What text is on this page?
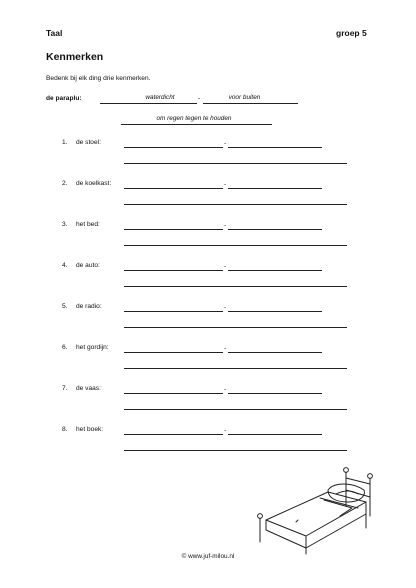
Taal	groep 5
Kenmerken
Bedenk bij elk ding drie kenmerken.
de paraplu:	waterdicht	-	voor buiten
om regen tegen te houden
1. de stoel:	-
2. de koelkast:	-
3. het bed:	-
4. de auto:	-
5. de radio:	-
6. het gordijn:	-
7. de vaas:	-
8. het boek:	-
© www.juf-milou.nl
